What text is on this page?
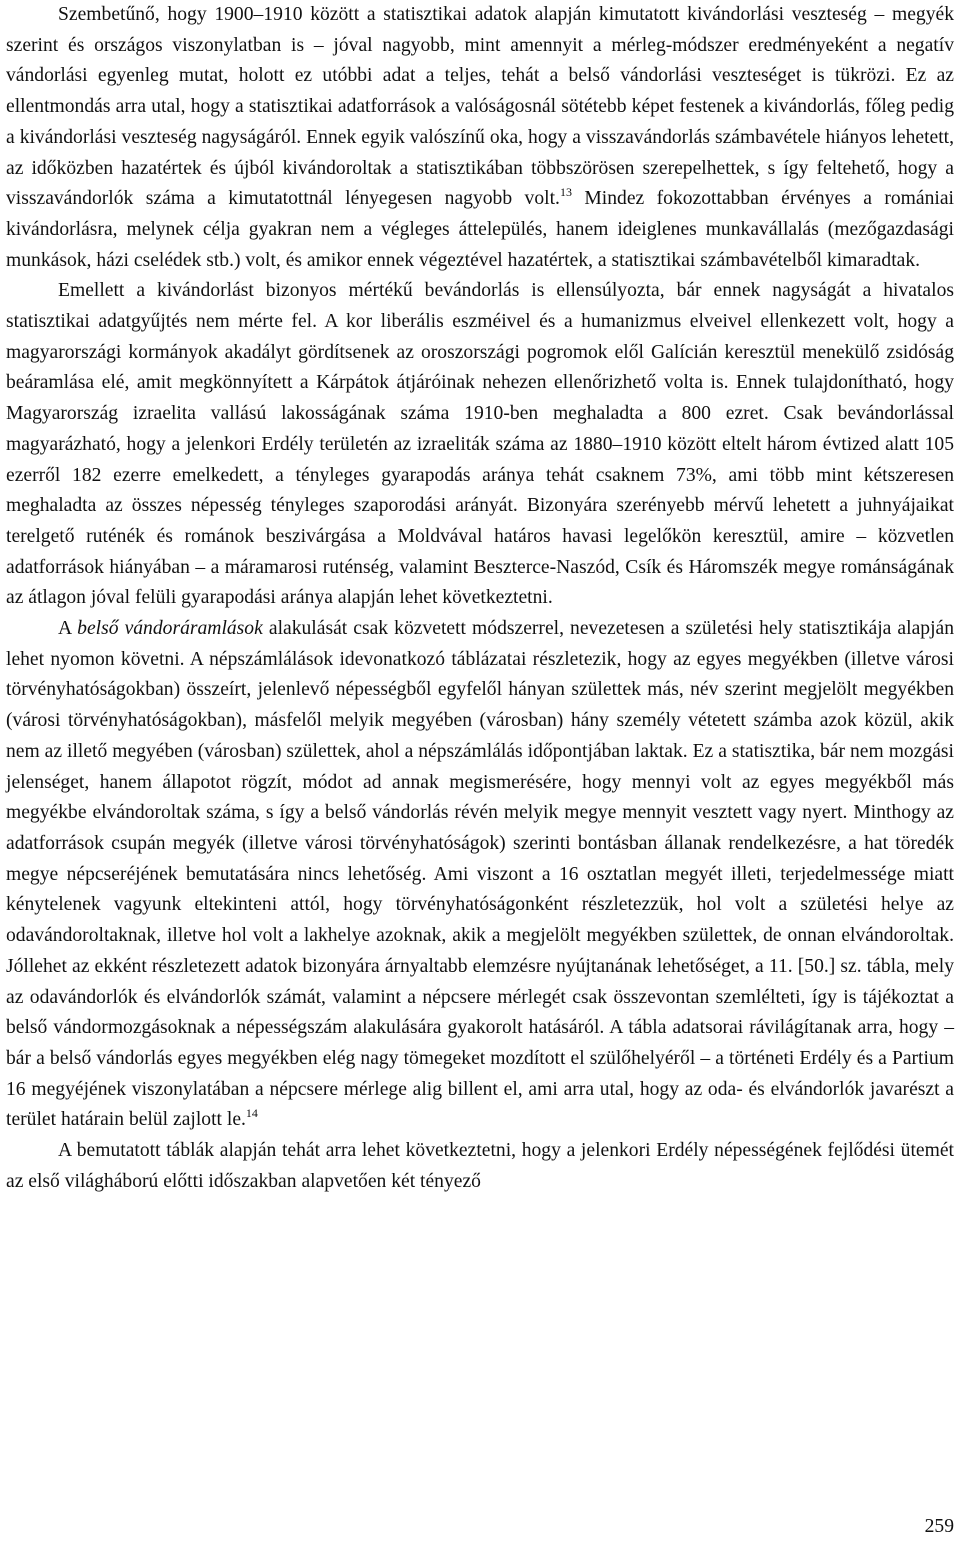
Szembetűnő, hogy 1900–1910 között a statisztikai adatok alapján kimutatott kivándorlási veszteség – megyék szerint és országos viszonylatban is – jóval nagyobb, mint amennyit a mérleg-módszer eredményeként a negatív vándorlási egyenleg mutat, holott ez utóbbi adat a teljes, tehát a belső vándorlási veszteséget is tükrözi. Ez az ellentmondás arra utal, hogy a statisztikai adatforrások a valóságosnál sötétebb képet festenek a kivándorlás, főleg pedig a kivándorlási veszteség nagyságáról. Ennek egyik valószínű oka, hogy a visszavándorlás számbavétele hiányos lehetett, az időközben hazatértek és újból kivándoroltak a statisztikában többszörösen szerepelhettek, s így feltehető, hogy a visszavándorlók száma a kimutatottnál lényegesen nagyobb volt.$^{13}$ Mindez fokozottabban érvényes a romániai kivándorlásra, melynek célja gyakran nem a végleges áttelepülés, hanem ideiglenes munkavállalás (mezőgazdasági munkások, házi cselédek stb.) volt, és amikor ennek végeztével hazatértek, a statisztikai számbavételből kimaradtak.

Emellett a kivándorlást bizonyos mértékű bevándorlás is ellensúlyozta, bár ennek nagyságát a hivatalos statisztikai adatgyűjtés nem mérte fel. A kor liberális eszméivel és a humanizmus elveivel ellenkezett volt, hogy a magyarországi kormányok akadályt gördítsenek az oroszországi pogromok elől Galícián keresztül menekülő zsidóság beáramlása elé, amit megkönnyített a Kárpátok átjáróinak nehezen ellenőrizhető volta is. Ennek tulajdonítható, hogy Magyarország izraelita vallású lakosságának száma 1910-ben meghaladta a 800 ezret. Csak bevándorlással magyarázható, hogy a jelenkori Erdély területén az izraeliták száma az 1880–1910 között eltelt három évtized alatt 105 ezerről 182 ezerre emelkedett, a tényleges gyarapodás aránya tehát csaknem 73%, ami több mint kétszeresen meghaladta az összes népesség tényleges szaporodási arányát. Bizonyára szerényebb mérvű lehetett a juhnyájaikat terelgető ruténék és románok beszivárgása a Moldvával határos havasi legelőkön keresztül, amire – közvetlen adatforrások hiányában – a máramarosi ruténség, valamint Beszterce-Naszód, Csík és Háromszék megye románságának az átlagon jóval felüli gyarapodási aránya alapján lehet következtetni.

A belső vándoráramlások alakulását csak közvetett módszerrel, nevezetesen a születési hely statisztikája alapján lehet nyomon követni. A népszámlálások idevonatkozó táblázatai részletezik, hogy az egyes megyékben (illetve városi törvényhatóságokban) összeírt, jelenlevő népességből egyfelől hányan születtek más, név szerint megjelölt megyékben (városi törvényhatóságokban), másfelől melyik megyében (városban) hány személy vétetett számba azok közül, akik nem az illető megyében (városban) születtek, ahol a népszámlálás időpontjában laktak. Ez a statisztika, bár nem mozgási jelenséget, hanem állapotot rögzít, módot ad annak megismerésére, hogy mennyi volt az egyes megyékből más megyékbe elvándoroltak száma, s így a belső vándorlás révén melyik megye mennyit vesztett vagy nyert. Minthogy az adatforrások csupán megyék (illetve városi törvényhatóságok) szerinti bontásban állanak rendelkezésre, a hat töredék megye népcseréjének bemutatására nincs lehetőség. Ami viszont a 16 osztatlan megyét illeti, terjedelmessége miatt kénytelenek vagyunk eltekinteni attól, hogy törvényhatóságonként részletezzük, hol volt a születési helye az odavándoroltaknak, illetve hol volt a lakhelye azoknak, akik a megjelölt megyékben születtek, de onnan elvándoroltak. Jóllehet az ekként részletezett adatok bizonyára árnyaltabb elemzésre nyújtanának lehetőséget, a 11. [50.] sz. tábla, mely az odavándorlók és elvándorlók számát, valamint a népcsere mérlegét csak összevontan szemlélteti, így is tájékoztat a belső vándormozgásoknak a népességszám alakulására gyakorolt hatásáról. A tábla adatsorai rávilágítanak arra, hogy – bár a belső vándorlás egyes megyékben elég nagy tömegeket mozdított el szülőhelyéről – a történeti Erdély és a Partium 16 megyéjének viszonylatában a népcsere mérlege alig billent el, ami arra utal, hogy az oda- és elvándorlók javarészt a terület határain belül zajlott le.$^{14}$

A bemutatott táblák alapján tehát arra lehet következtetni, hogy a jelenkori Erdély népességének fejlődési ütemét az első világháború előtti időszakban alapvetően két tényező

259
